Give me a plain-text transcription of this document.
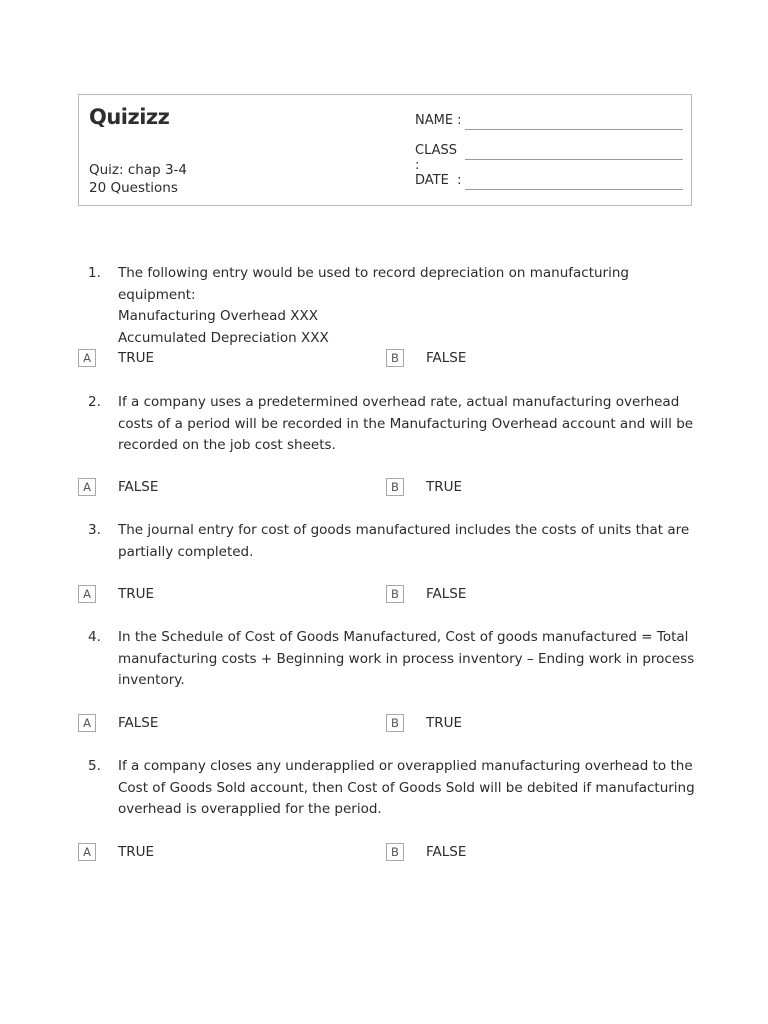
Quizizz
Quiz: chap 3-4
20 Questions
NAME :
CLASS :
DATE  :
1. The following entry would be used to record depreciation on manufacturing equipment:
Manufacturing Overhead XXX
Accumulated Depreciation XXX
A	TRUE	B	FALSE
2. If a company uses a predetermined overhead rate, actual manufacturing overhead costs of a period will be recorded in the Manufacturing Overhead account and will be recorded on the job cost sheets.
A	FALSE	B	TRUE
3. The journal entry for cost of goods manufactured includes the costs of units that are partially completed.
A	TRUE	B	FALSE
4. In the Schedule of Cost of Goods Manufactured, Cost of goods manufactured = Total manufacturing costs + Beginning work in process inventory – Ending work in process inventory.
A	FALSE	B	TRUE
5. If a company closes any underapplied or overapplied manufacturing overhead to the Cost of Goods Sold account, then Cost of Goods Sold will be debited if manufacturing overhead is overapplied for the period.
A	TRUE	B	FALSE
